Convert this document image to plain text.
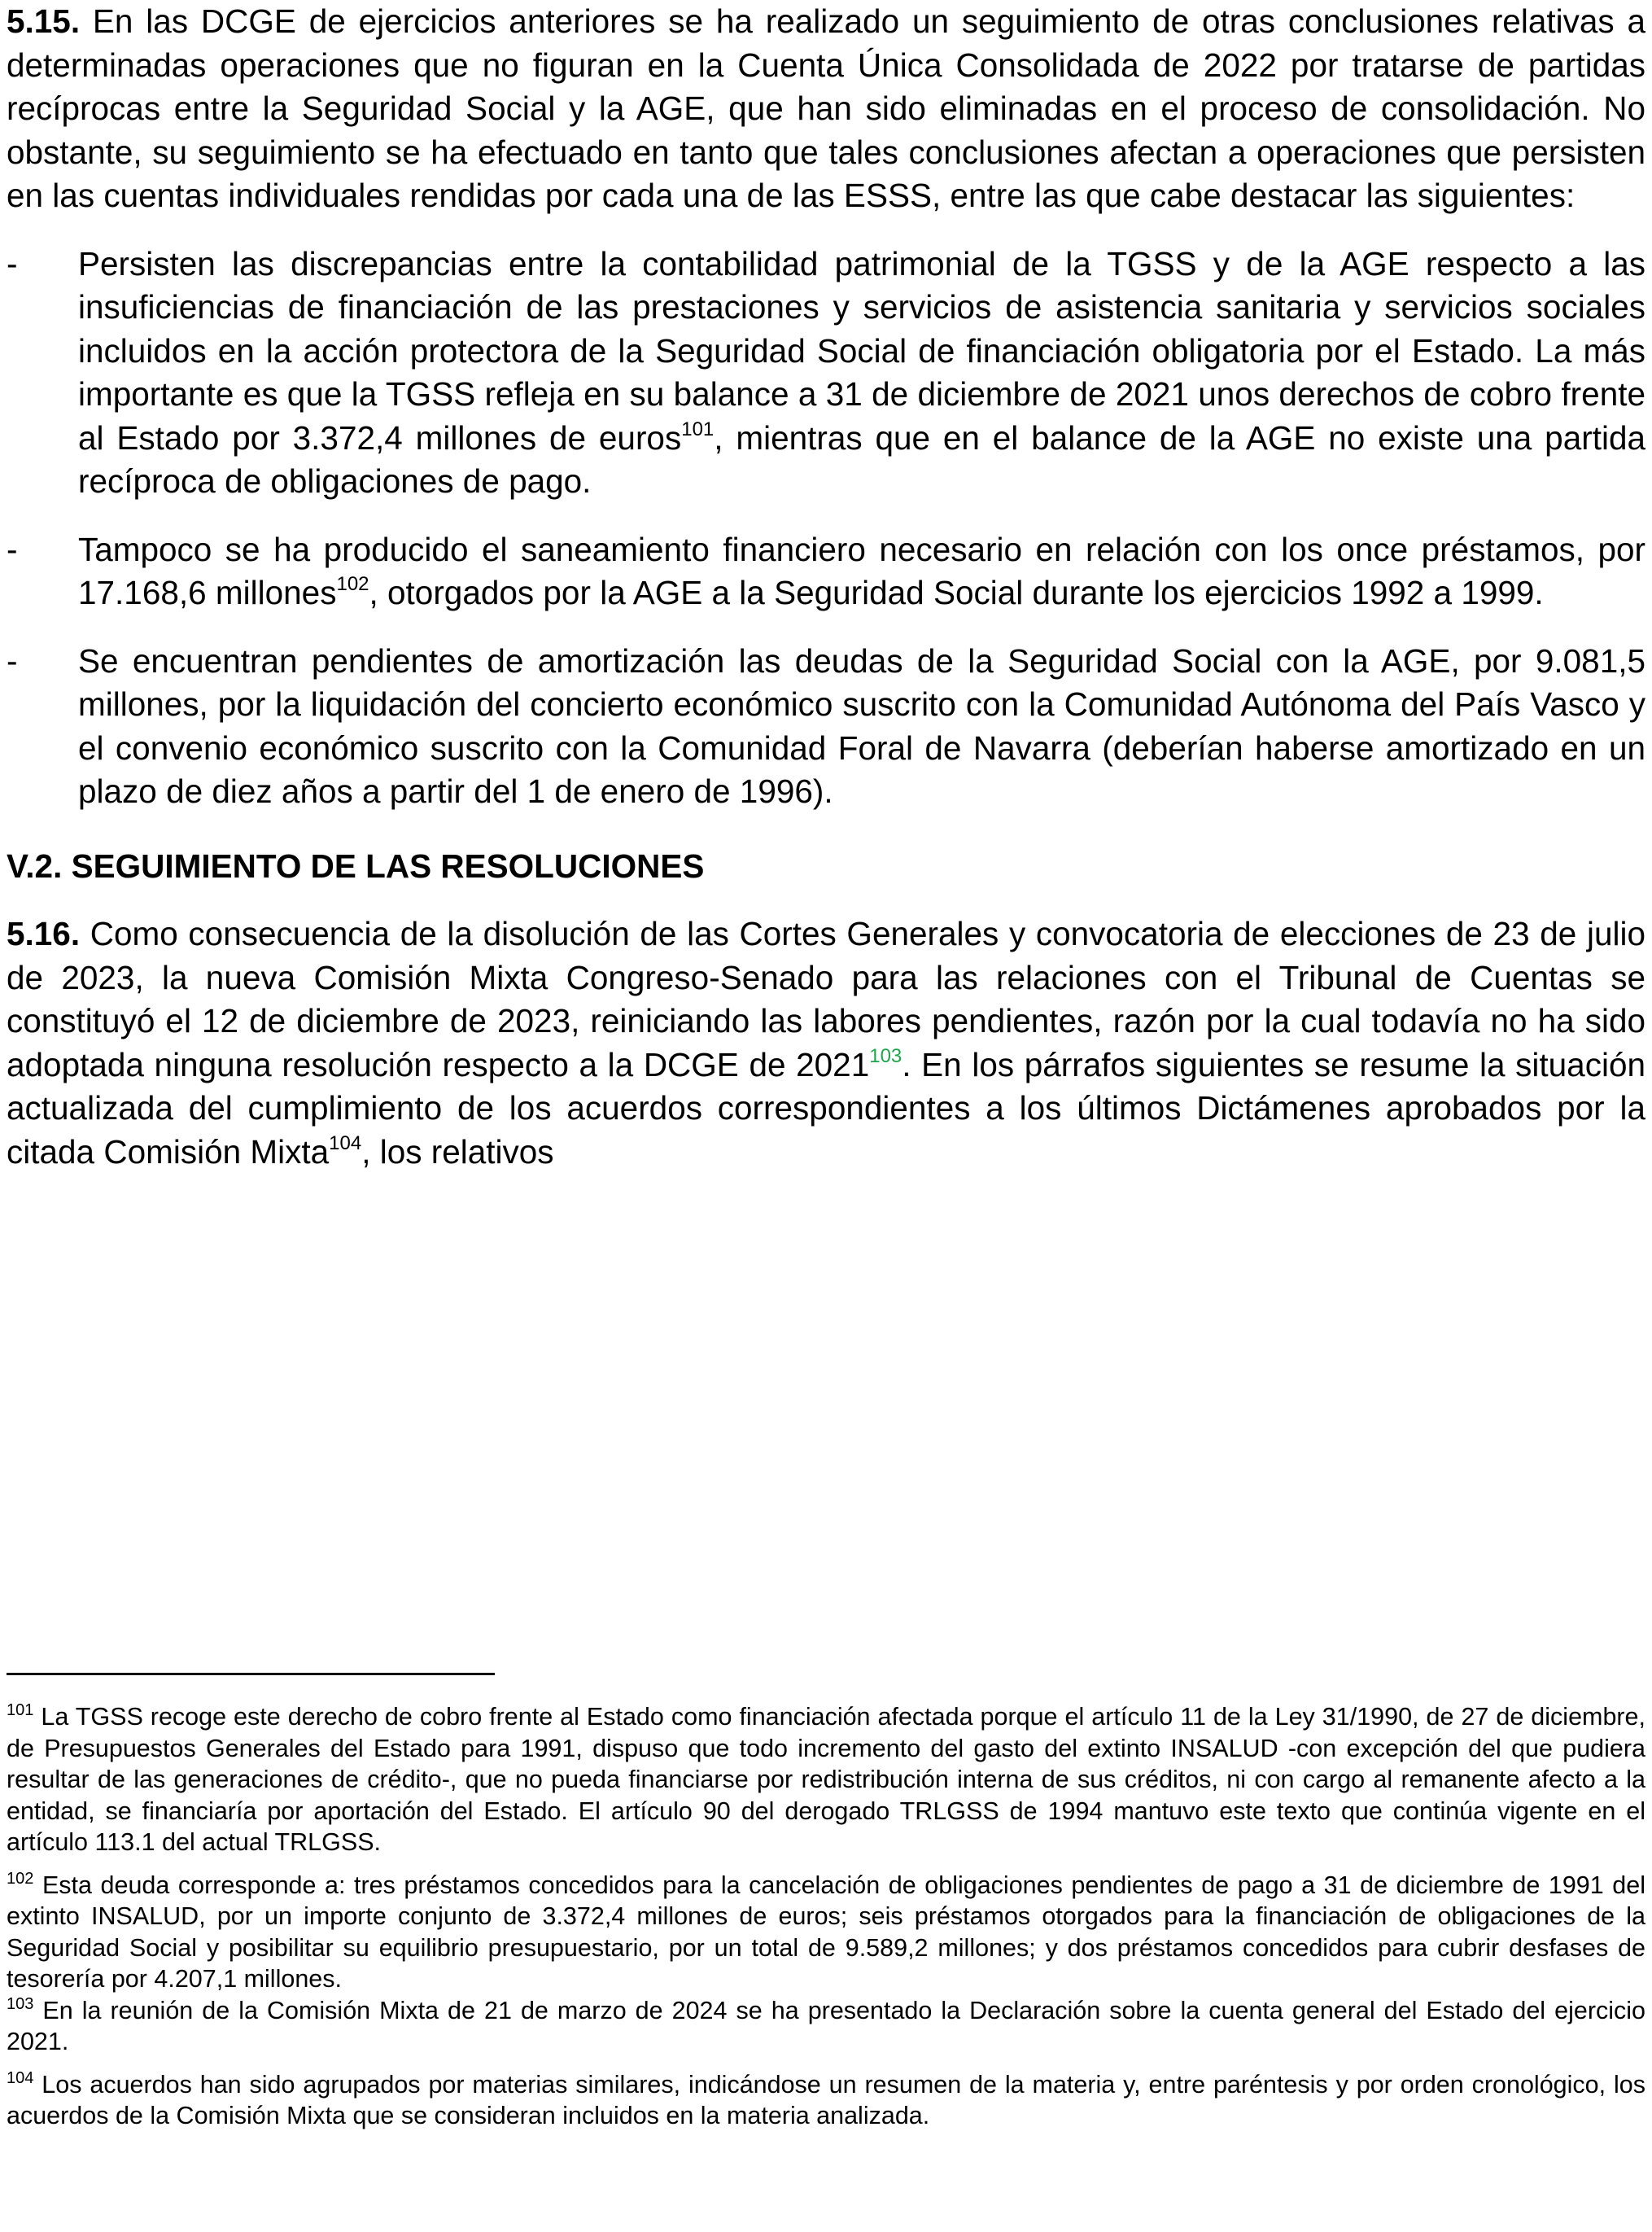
5.15. En las DCGE de ejercicios anteriores se ha realizado un seguimiento de otras conclusiones relativas a determinadas operaciones que no figuran en la Cuenta Única Consolidada de 2022 por tratarse de partidas recíprocas entre la Seguridad Social y la AGE, que han sido eliminadas en el proceso de consolidación. No obstante, su seguimiento se ha efectuado en tanto que tales conclusiones afectan a operaciones que persisten en las cuentas individuales rendidas por cada una de las ESSS, entre las que cabe destacar las siguientes:

-	Persisten las discrepancias entre la contabilidad patrimonial de la TGSS y de la AGE respecto a las insuficiencias de financiación de las prestaciones y servicios de asistencia sanitaria y servicios sociales incluidos en la acción protectora de la Seguridad Social de financiación obligatoria por el Estado. La más importante es que la TGSS refleja en su balance a 31 de diciembre de 2021 unos derechos de cobro frente al Estado por 3.372,4 millones de euros$^{101}$, mientras que en el balance de la AGE no existe una partida recíproca de obligaciones de pago.
-	Tampoco se ha producido el saneamiento financiero necesario en relación con los once préstamos, por 17.168,6 millones$^{102}$, otorgados por la AGE a la Seguridad Social durante los ejercicios 1992 a 1999.
-	Se encuentran pendientes de amortización las deudas de la Seguridad Social con la AGE, por 9.081,5 millones, por la liquidación del concierto económico suscrito con la Comunidad Autónoma del País Vasco y el convenio económico suscrito con la Comunidad Foral de Navarra (deberían haberse amortizado en un plazo de diez años a partir del 1 de enero de 1996).
V.2. SEGUIMIENTO DE LAS RESOLUCIONES

5.16. Como consecuencia de la disolución de las Cortes Generales y convocatoria de elecciones de 23 de julio de 2023, la nueva Comisión Mixta Congreso-Senado para las relaciones con el Tribunal de Cuentas se constituyó el 12 de diciembre de 2023, reiniciando las labores pendientes, razón por la cual todavía no ha sido adoptada ninguna resolución respecto a la DCGE de 2021$^{103}$. En los párrafos siguientes se resume la situación actualizada del cumplimiento de los acuerdos correspondientes a los últimos Dictámenes aprobados por la citada Comisión Mixta$^{104}$, los relativos

$^{101}$ La TGSS recoge este derecho de cobro frente al Estado como financiación afectada porque el artículo 11 de la Ley 31/1990, de 27 de diciembre, de Presupuestos Generales del Estado para 1991, dispuso que todo incremento del gasto del extinto INSALUD -con excepción del que pudiera resultar de las generaciones de crédito-, que no pueda financiarse por redistribución interna de sus créditos, ni con cargo al remanente afecto a la entidad, se financiaría por aportación del Estado. El artículo 90 del derogado TRLGSS de 1994 mantuvo este texto que continúa vigente en el artículo 113.1 del actual TRLGSS.

$^{102}$ Esta deuda corresponde a: tres préstamos concedidos para la cancelación de obligaciones pendientes de pago a 31 de diciembre de 1991 del extinto INSALUD, por un importe conjunto de 3.372,4 millones de euros; seis préstamos otorgados para la financiación de obligaciones de la Seguridad Social y posibilitar su equilibrio presupuestario, por un total de 9.589,2 millones; y dos préstamos concedidos para cubrir desfases de tesorería por 4.207,1 millones.

$^{103}$ En la reunión de la Comisión Mixta de 21 de marzo de 2024 se ha presentado la Declaración sobre la cuenta general del Estado del ejercicio 2021.

$^{104}$ Los acuerdos han sido agrupados por materias similares, indicándose un resumen de la materia y, entre paréntesis y por orden cronológico, los acuerdos de la Comisión Mixta que se consideran incluidos en la materia analizada.
